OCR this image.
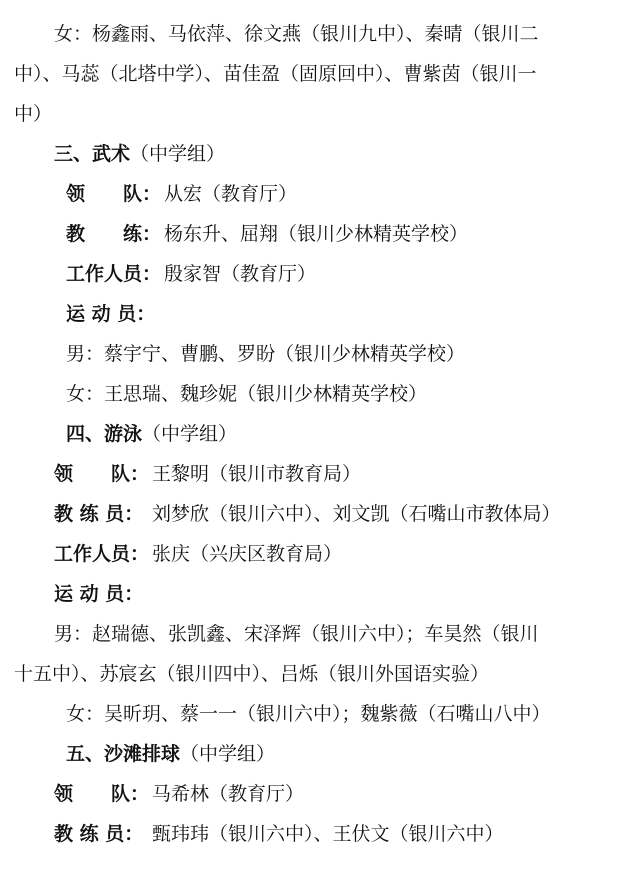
女：杨鑫雨、马依萍、徐文燕（银川九中）、秦晴（银川二
中）、马蕊（北塔中学）、苗佳盈（固原回中）、曹紫茵（银川一
中）
三、武术（中学组）
领　　队： 从宏（教育厅）
教　　练： 杨东升、屈翔（银川少林精英学校）
工作人员： 殷家智（教育厅）
运 动 员：
男：蔡宇宁、曹鹏、罗盼（银川少林精英学校）
女：王思瑞、魏珍妮（银川少林精英学校）
四、游泳（中学组）
领　　队： 王黎明（银川市教育局）
教 练 员： 刘梦欣（银川六中）、刘文凯（石嘴山市教体局）
工作人员： 张庆（兴庆区教育局）
运 动 员：
男：赵瑞德、张凯鑫、宋泽辉（银川六中）；车昊然（银川
十五中）、苏宸玄（银川四中）、吕烁（银川外国语实验）
女：吴昕玥、蔡一一（银川六中）；魏紫薇（石嘴山八中）
五、沙滩排球（中学组）
领　　队： 马希林（教育厅）
教 练 员： 甄玮玮（银川六中）、王伏文（银川六中）
